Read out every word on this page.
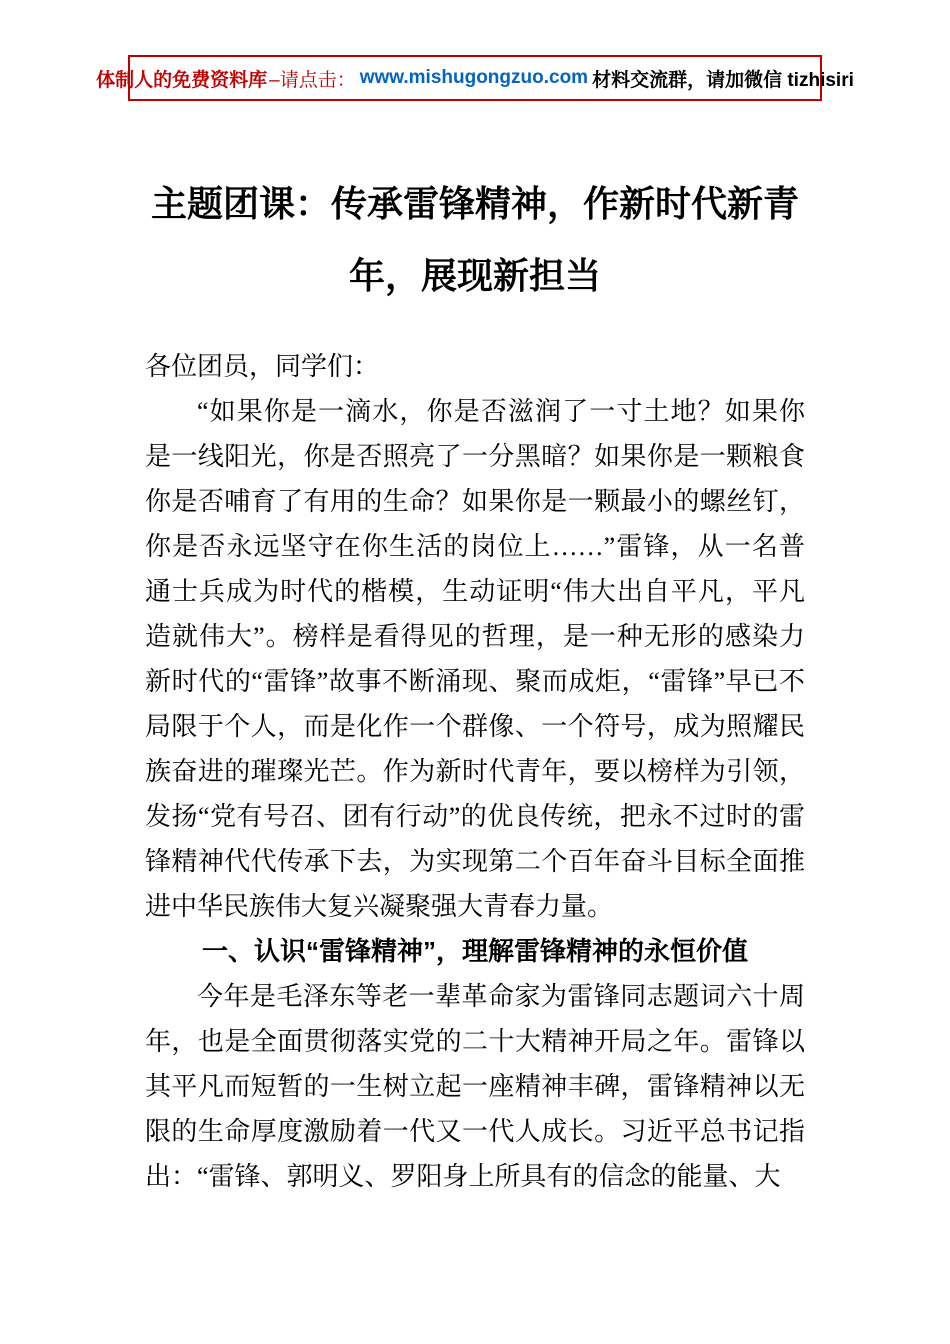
体制人的免费资料库 –请点击： www.mishugongzuo.com 材料交流群，请加微信 tizhisiri
主题团课：传承雷锋精神，作新时代新青年，展现新担当

各位团员，同学们：

“如果你是一滴水，你是否滋润了一寸土地？如果你是一线阳光，你是否照亮了一分黑暗？如果你是一颗粮食你是否哺育了有用的生命？如果你是一颗最小的螺丝钉，你是否永远坚守在你生活的岗位上……”雷锋，从一名普通士兵成为时代的楷模，生动证明“伟大出自平凡，平凡造就伟大”。榜样是看得见的哲理，是一种无形的感染力新时代的“雷锋”故事不断涌现、聚而成炬，“雷锋”早已不局限于个人，而是化作一个群像、一个符号，成为照耀民族奋进的璀璨光芒。作为新时代青年，要以榜样为引领，发扬“党有号召、团有行动”的优良传统，把永不过时的雷锋精神代代传承下去，为实现第二个百年奋斗目标全面推进中华民族伟大复兴凝聚强大青春力量。

一、认识“雷锋精神”，理解雷锋精神的永恒价值

今年是毛泽东等老一辈革命家为雷锋同志题词六十周年，也是全面贯彻落实党的二十大精神开局之年。雷锋以其平凡而短暂的一生树立起一座精神丰碑，雷锋精神以无限的生命厚度激励着一代又一代人成长。习近平总书记指出：“雷锋、郭明义、罗阳身上所具有的信念的能量、大
